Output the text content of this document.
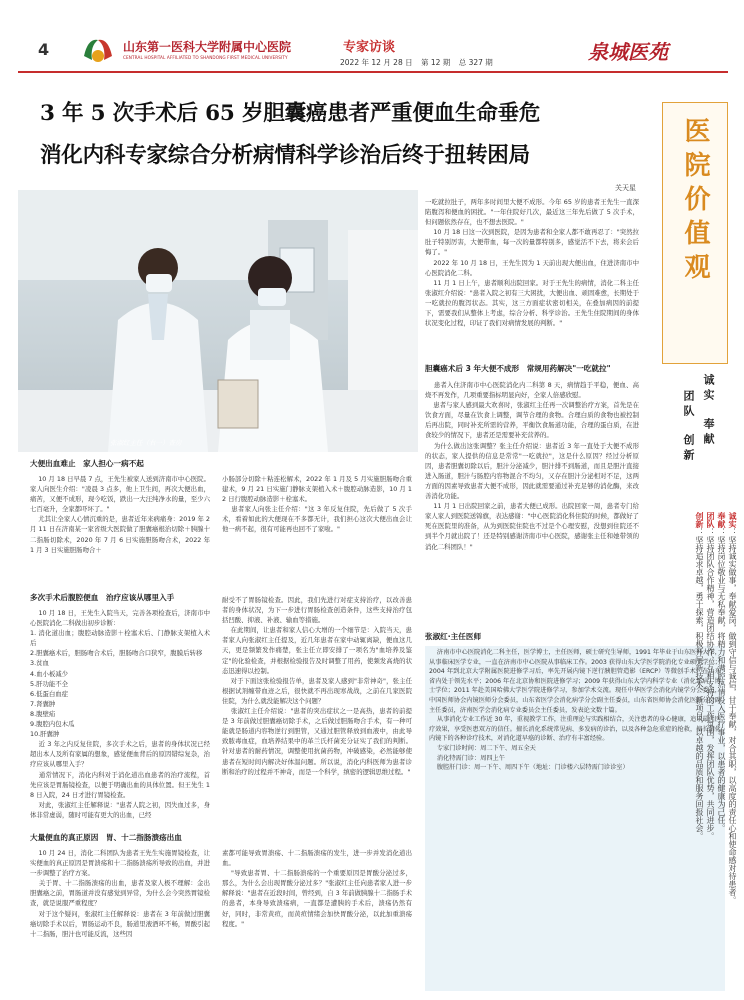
4	山东第一医科大学附属中心医院
CENTRAL HOSPITAL AFFILIATED TO SHANDONG FIRST MEDICAL UNIVERSITY
专家访谈
2022 年 12 月 28 日 第 12 期 总 327 期	泉城医苑
3 年 5 次手术后 65 岁胆囊癌患者严重便血生命垂危
消化内科专家综合分析病情科学诊治后终于扭转困局
关天星
张淑红主任（右一）查房
一吃就拉肚子，两年多时间里大便不成形。今年 65 岁的患者王先生一直深陷腹泻和便血的困扰。"一年住院好几次，最近这三年先后做了 5 次手术，但问题依然存在，也不想去医院。"
10 月 18 日这一次到医院，是因为患者和全家人都不敢再忍了："突然拉肚子特别厉害，大便带血，每一次的量都特别多，感觉活不下去，将来会后悔了。"
2022 年 10 月 18 日，王先生因为 1 天前出现大便出血，住进济南市中心医院消化二科。
11 月 1 日上午，患者顺利出院回家。对于王先生的病情，消化二科主任张淑红介绍说："患者入院之初有三大困扰，大便出血、顽固难愈，长期处于一吃就拉的腹泻状态。其实，这三方面症状密切相关，在叠加病因的前提下，需要我们从整体上考虑，综合分析、科学诊治。王先生住院期间的身体状况变化过程，印证了我们对病情发展的判断。"
胆囊癌术后 3 年大便不成形　常规用药解决"一吃就拉"
患者入住济南市中心医院消化内二科第 8 天，病情趋于平稳，便血、高烧不再发作，几项重要指标明显向好，全家人倍感欣慰。
患者与家人感到最大欢喜时，张淑红主任再一次调整治疗方案，首先是在饮食方面，尽量在饮食上调整，调节合理的食物。合理白质的食物也被控制后再出院，同时补充所需的营养，平衡饮食肠道功能，合理的蛋白质，在进食较少的情况下，患者还是需要补充营养的。
为什么做出这张调整？张主任介绍说：患者近 3 年一直处于大便不成形的状态，家人提供的信息是常常"一吃就拉"，这是什么原因？经过分析原因，患者胆囊切除以后，胆汁分泌减少，胆汁排不到肠道，而且是胆汁直接进入肠道，胆汁与肠腔内容物混合不均匀，又存在胆汁分泌相对不足，这两方面的因素导致患者大便不成形，因此就需要通过补充足够的消化酶，来改善消化功能。
11 月 1 日出院回家之前，患者大便已成形。出院回家一周，患者专门给家人家人到医院送锦旗，表达感谢："中心医院消化科住院的时候，都做好了死在医院里的准备，从为到医院住院也不过是个心理安慰，没想到住院还不到半个月就出院了！还是特别感谢济南市中心医院，感谢张主任和她带领的消化二科团队！"
张淑红·主任医师
济南市中心医院消化二科主任，医学博士，主任医师，硕士研究生导师，1991 年毕业于山东医科大学，从事临床医学专业，一直在济南市中心医院从事临床工作。2003 获得山东大学医学院消化专业硕士学位；2004 年到北京大学附属医院进修学习后，率先开展内镜下逆行胰胆管造影（ERCP）等微创手术，在山东省内处于领先水平；2006 年在北京协和医院进修学习；2009 年获得山东大学内科学专业（消化系病）博士学位；2011 年赴美国哈佛大学医学院进修学习，参加学术交流。现任中华医学会消化内镜学分会委员，中国医师协会内镜医师分会委员，山东省医学会消化病学分会副主任委员，山东省医师协会消化医师分会副主任委员，济南医学会消化病专业委员会主任委员，发表论文数十篇。
从事消化专业工作近 30 年，重视教学工作，注重理论与实践相结合，关注患者的身心健康，追求最佳医疗效果，享受医患双方的信任。擅长消化系统常见病、多发病的诊治，以及各种急危重症的抢救，擅长消化内镜下的各种诊疗技术，对消化道早癌的诊断、治疗有丰富经验。
专家门诊时间：周二下午、周五全天
消化特需门诊：周四上午
腹腔肝门诊：周一下午、周四下午（地址：门诊楼六层特需门诊诊室）
大便出血难止　家人担心一病不起
10 月 18 日早晨 7 点，王先生被家人送到济南市中心医院。家人向医生介绍："凌晨 3 点多，他上卫生间，再次大便出血，痛苦，又便不成形，现今吃饭，跌出一大汪纯净水的量，至少六七百毫升，全家都吓坏了。"
尤其让全家人心情沉重的是，患者近年来病痛身：2019 年 2 月 11 日在济南某一家省级大医院做了胆囊癌根治切除＋胰腺十二指肠切除术，2020 年 7 月 6 日实施胆肠吻合术，2022 年 1 月 3 日实施胆肠吻合＋
小肠部分切除＋粘连松解术，2022 年 1 月及 5 月实施胆肠吻合重建术，9 月 21 日实施门静脉支架植入术＋腹腔动脉造影，10 月 12 日行腹腔动脉造影＋栓塞术。
患者家人向张主任介绍："这 3 年反复住院，先后做了 5 次手术，看着如此的大便现在不多都无计，我们担心这次大便出血会让他一病不起，很有可能再也回不了家啦。"
多次手术后腹腔便血　治疗应该从哪里入手
10 月 18 日，王先生入院当天，完善各项检查后，济南市中心医院消化二科做出初步诊断：
1. 消化道出血；腹腔动脉造影＋栓塞术后、门静脉支架植入术后
2.胆囊癌术后，胆肠吻合术后，胆肠吻合口狭窄，腹膜后转移
3.贫血
4.血小板减少
5.肝功能不全
6.低蛋白血症
7.肾囊肿
8.腹壁疝
9.腹腔内包木瓜
10.肝囊肿
近 3 年之内反复住院，多次手术之后，患者的身体状况已经超出本人及所有家属的想象，感觉便血背后的原因错综复杂，治疗应该从哪里入手？
通常情况下，消化内科对于消化道出血患者的治疗流程，首先应该是胃肠镜检查，以便于明确出血的具体位置。但王先生 18 日入院，24 日才进行胃镜检查。
对此，张淑红主任解释说："患者人院之初，因失血过多，身体非常虚弱，随时可能有更大的出血，已经
耐受不了胃肠镜检查。因此，我们先进行对症支持治疗，以改善患者的身体状况，为下一步进行胃肠检查创造条件，这些支持治疗包括凹酸、抑液、补液、输血等措施。
在此期间，让患者和家人信心大增的一个细节是：入院当天，患者家人向张淑红主任提及，近几年患者在家中动辄离缺，便血这几天，更是频繁发作痛楚，张主任立即安排了一项名为"血培养及鉴定"的化验检查，并根据检验报告及时调整了用药，使频发高烧的状态迅速得以控制。
对于下面这张检验报告单，患者及家人感到"非常神奇"，张主任根据试剂缠带血迹之后，很快就不再出现寒战战，之前在几家医院住院，为什么就没能解决这个问题？
张淑红主任介绍说："患者的突出症状之一是高热，患者的前提是 3 年前做过胆囊癌切除手术，之后做过胆肠吻合手术，有一种可能就是肠道内容物逆行到胆管，又通过胆管释放到血液中，由此导致脓毒血症，血培养结果中的革兰氏杆菌充分证实了我们的判断。针对患者的耐药情况，调整使用抗菌药物，冲破感染，必然能够使患者在短时间内解决好体温问题。所以说，消化内科医师为患者诊断和治疗的过程并不神奇，而是一个科学，缜密的逻辑思维过程。"
大量便血的真正原因　胃、十二指肠溃疡出血
10 月 24 日，消化二科团队为患者王先生实施胃镜检查，让实便血的真正原因是胃溃疡和十二指肠溃疡所导致的出血，并进一步调整了治疗方案。
关于胃、十二指肠溃疡的出血，患者及家人极不理解：金出胆囊癌之前，胃肠道并没有感觉到异常，为什么会今突然胃镜检查，就是说服严重程度？
对于这个疑问，张淑红主任解释说：患者在 3 年前做过胆囊癌切除手术以后，胃肠运动不良，肠道里液酒环不畅，胃酸引起十二指肠，胆汁也可能反流，这些因
素都可能导致胃溃疡、十二指肠溃疡的发生，进一步并发消化道出血。
"导致患者胃、十二指肠溃疡的一个重要原因是胃酸分泌过多，那么，为什么会出现胃酸分泌过多？"张淑红主任向患者家人进一步解释说："患者在近段时间，曾经到，自 3 年前做胰腺十二指肠手术的患者，本身导致溃疡病，一直都是遭胰的手术后，溃疡仍然有好，同时，非常黄疸，而黄疸情绪会加快胃酸分泌，以此加重溃疡程度。"
医院价值观
诚实奉献
团队创新
诚实：坚持诚实做事，奉献爱岗，做到守信与诚信，甘于奉献，对合其职，以高度的责任心和使命感对待患者。
奉献：坚持岗位敬业与无私奉献，将精力和满腔热情投入医疗事业，以患者的健康为己任。
团队：坚持团队合作精神，营造团结协作、互相支持的工作氛围，发挥团队优势，共同进步。
创新：坚持追求卓越，勇于探索，积极开展新技术、新项目，以卓越的品质和服务回报社会。
